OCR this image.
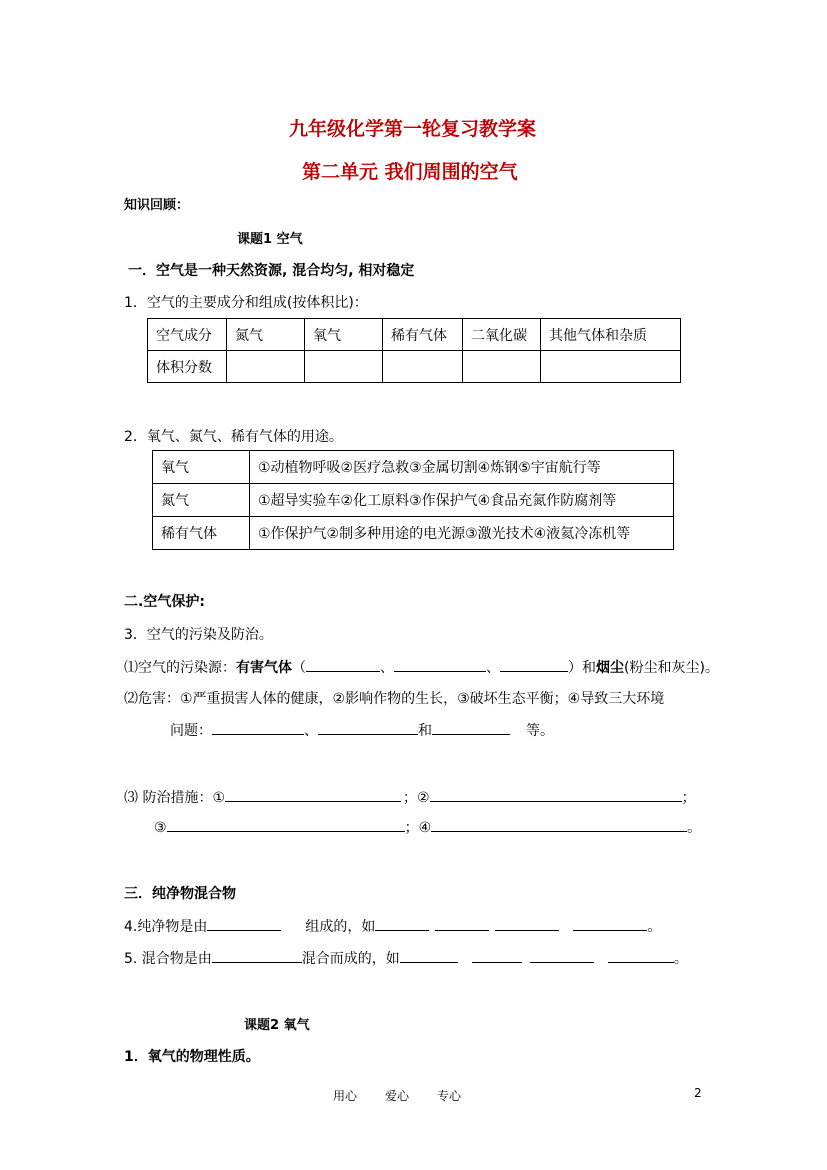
九年级化学第一轮复习教学案
第二单元 我们周围的空气
知识回顾：
课题1 空气
一．空气是一种天然资源, 混合均匀, 相对稳定
1．空气的主要成分和组成(按体积比)：
空气成分	氮气	氧气	稀有气体	二氧化碳	其他气体和杂质
体积分数					
2．氧气、氮气、稀有气体的用途。
氧气	①动植物呼吸②医疗急救③金属切割④炼钢⑤宇宙航行等
氮气	①超导实验车②化工原料③作保护气④食品充氮作防腐剂等
稀有气体	①作保护气②制多种用途的电光源③激光技术④液氦冷冻机等
二.空气保护:
3．空气的污染及防治。
⑴空气的污染源：有害气体（	、	、	）和烟尘(粉尘和灰尘)。
⑵危害：①严重损害人体的健康，②影响作物的生长，③破坏生态平衡；④导致三大环境
问题：	、	和	等。
⑶ 防治措施：①	；②	；
③	；④	。
三．纯净物混合物
4.纯净物是由	组成的，如	。
5. 混合物是由	混合而成的，如	。
课题2 氧气
1．氧气的物理性质。
用心 爱心 专心	2
